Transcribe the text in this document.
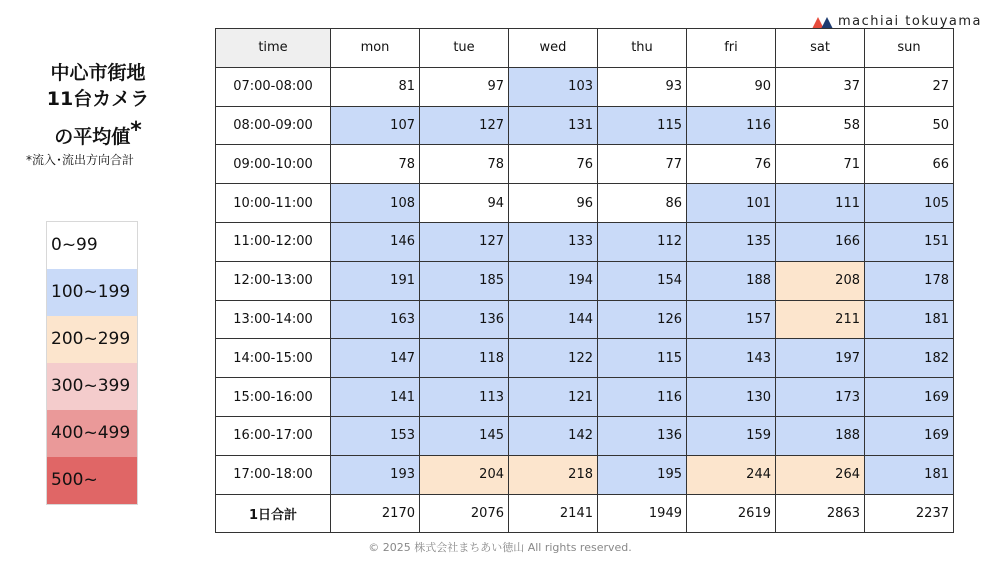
machiai tokuyama
中心市街地
11台カメラ
の平均値*
*流入･流出方向合計
0~99
100~199
200~299
300~399
400~499
500~
time	mon	tue	wed	thu	fri	sat	sun
07:00-08:00	81	97	103	93	90	37	27
08:00-09:00	107	127	131	115	116	58	50
09:00-10:00	78	78	76	77	76	71	66
10:00-11:00	108	94	96	86	101	111	105
11:00-12:00	146	127	133	112	135	166	151
12:00-13:00	191	185	194	154	188	208	178
13:00-14:00	163	136	144	126	157	211	181
14:00-15:00	147	118	122	115	143	197	182
15:00-16:00	141	113	121	116	130	173	169
16:00-17:00	153	145	142	136	159	188	169
17:00-18:00	193	204	218	195	244	264	181
1日合計	2170	2076	2141	1949	2619	2863	2237
© 2025 株式会社まちあい徳山 All rights reserved.
